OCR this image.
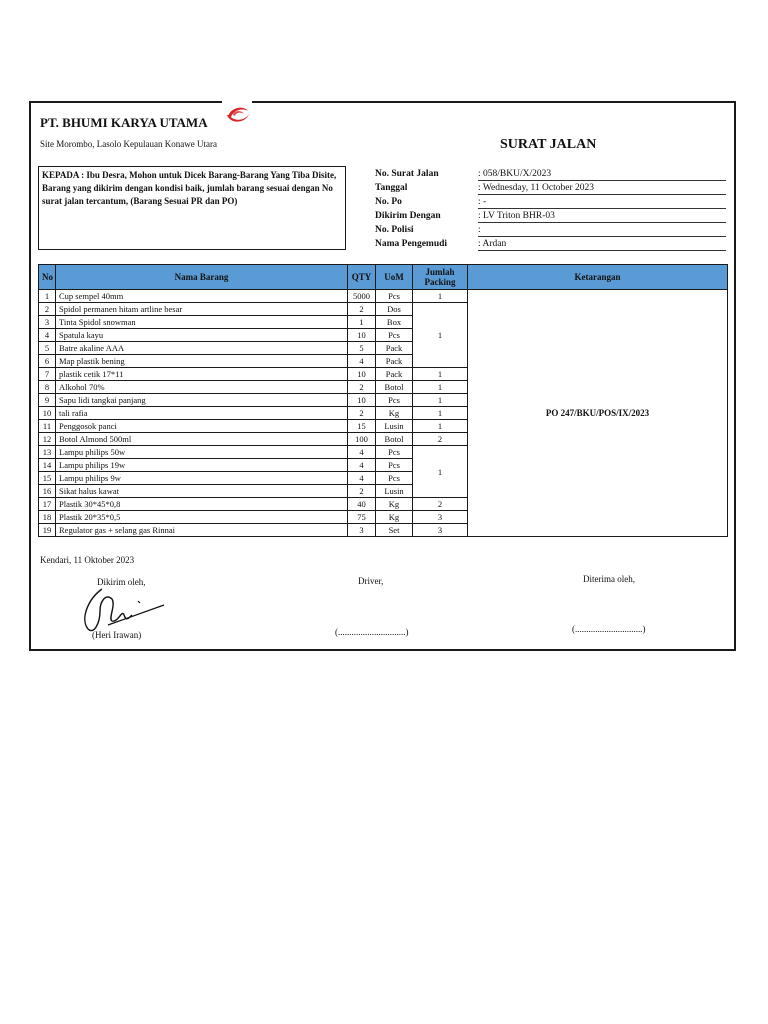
PT. BHUMI KARYA UTAMA
Site Morombo, Lasolo Kepulauan Konawe Utara	SURAT JALAN
KEPADA : Ibu Desra, Mohon untuk Dicek Barang-Barang Yang Tiba Disite, Barang yang dikirim dengan kondisi baik, jumlah barang sesuai dengan No surat jalan tercantum, (Barang Sesuai PR dan PO)
No. Surat Jalan	: 058/BKU/X/2023
Tanggal	: Wednesday, 11 October 2023
No. Po	: -
Dikirim Dengan	: LV Triton BHR-03
No. Polisi	:
Nama Pengemudi	: Ardan
No	Nama Barang	QTY	UoM	Jumlah Packing	Ketarangan
1	Cup sempel 40mm	5000	Pcs	1	PO 247/BKU/POS/IX/2023
2	Spidol permanen hitam artline besar	2	Dos	1	
3	Tinta Spidol snowman	1	Box		
4	Spatula kayu	10	Pcs		
5	Batre akaline AAA	5	Pack		
6	Map plastik bening	4	Pack		
7	plastik cetik 17*11	10	Pack	1	
8	Alkohol 70%	2	Botol	1	
9	Sapu lidi tangkai panjang	10	Pcs	1	
10	tali rafia	2	Kg	1	
11	Penggosok panci	15	Lusin	1	
12	Botol Almond 500ml	100	Botol	2	
13	Lampu philips 50w	4	Pcs	1	
14	Lampu philips 19w	4	Pcs		
15	Lampu philips 9w	4	Pcs		
16	Sikat halus kawat	2	Lusin		
17	Plastik 30*45*0,8	40	Kg	2	
18	Plastik 20*35*0,5	75	Kg	3	
19	Regulator gas + selang gas Rinnai	3	Set	3	
Kendari, 11 Oktober 2023
Dikirim oleh,	Driver,	Diterima oleh,
(Heri Irawan)	(..............................)	(..............................)
